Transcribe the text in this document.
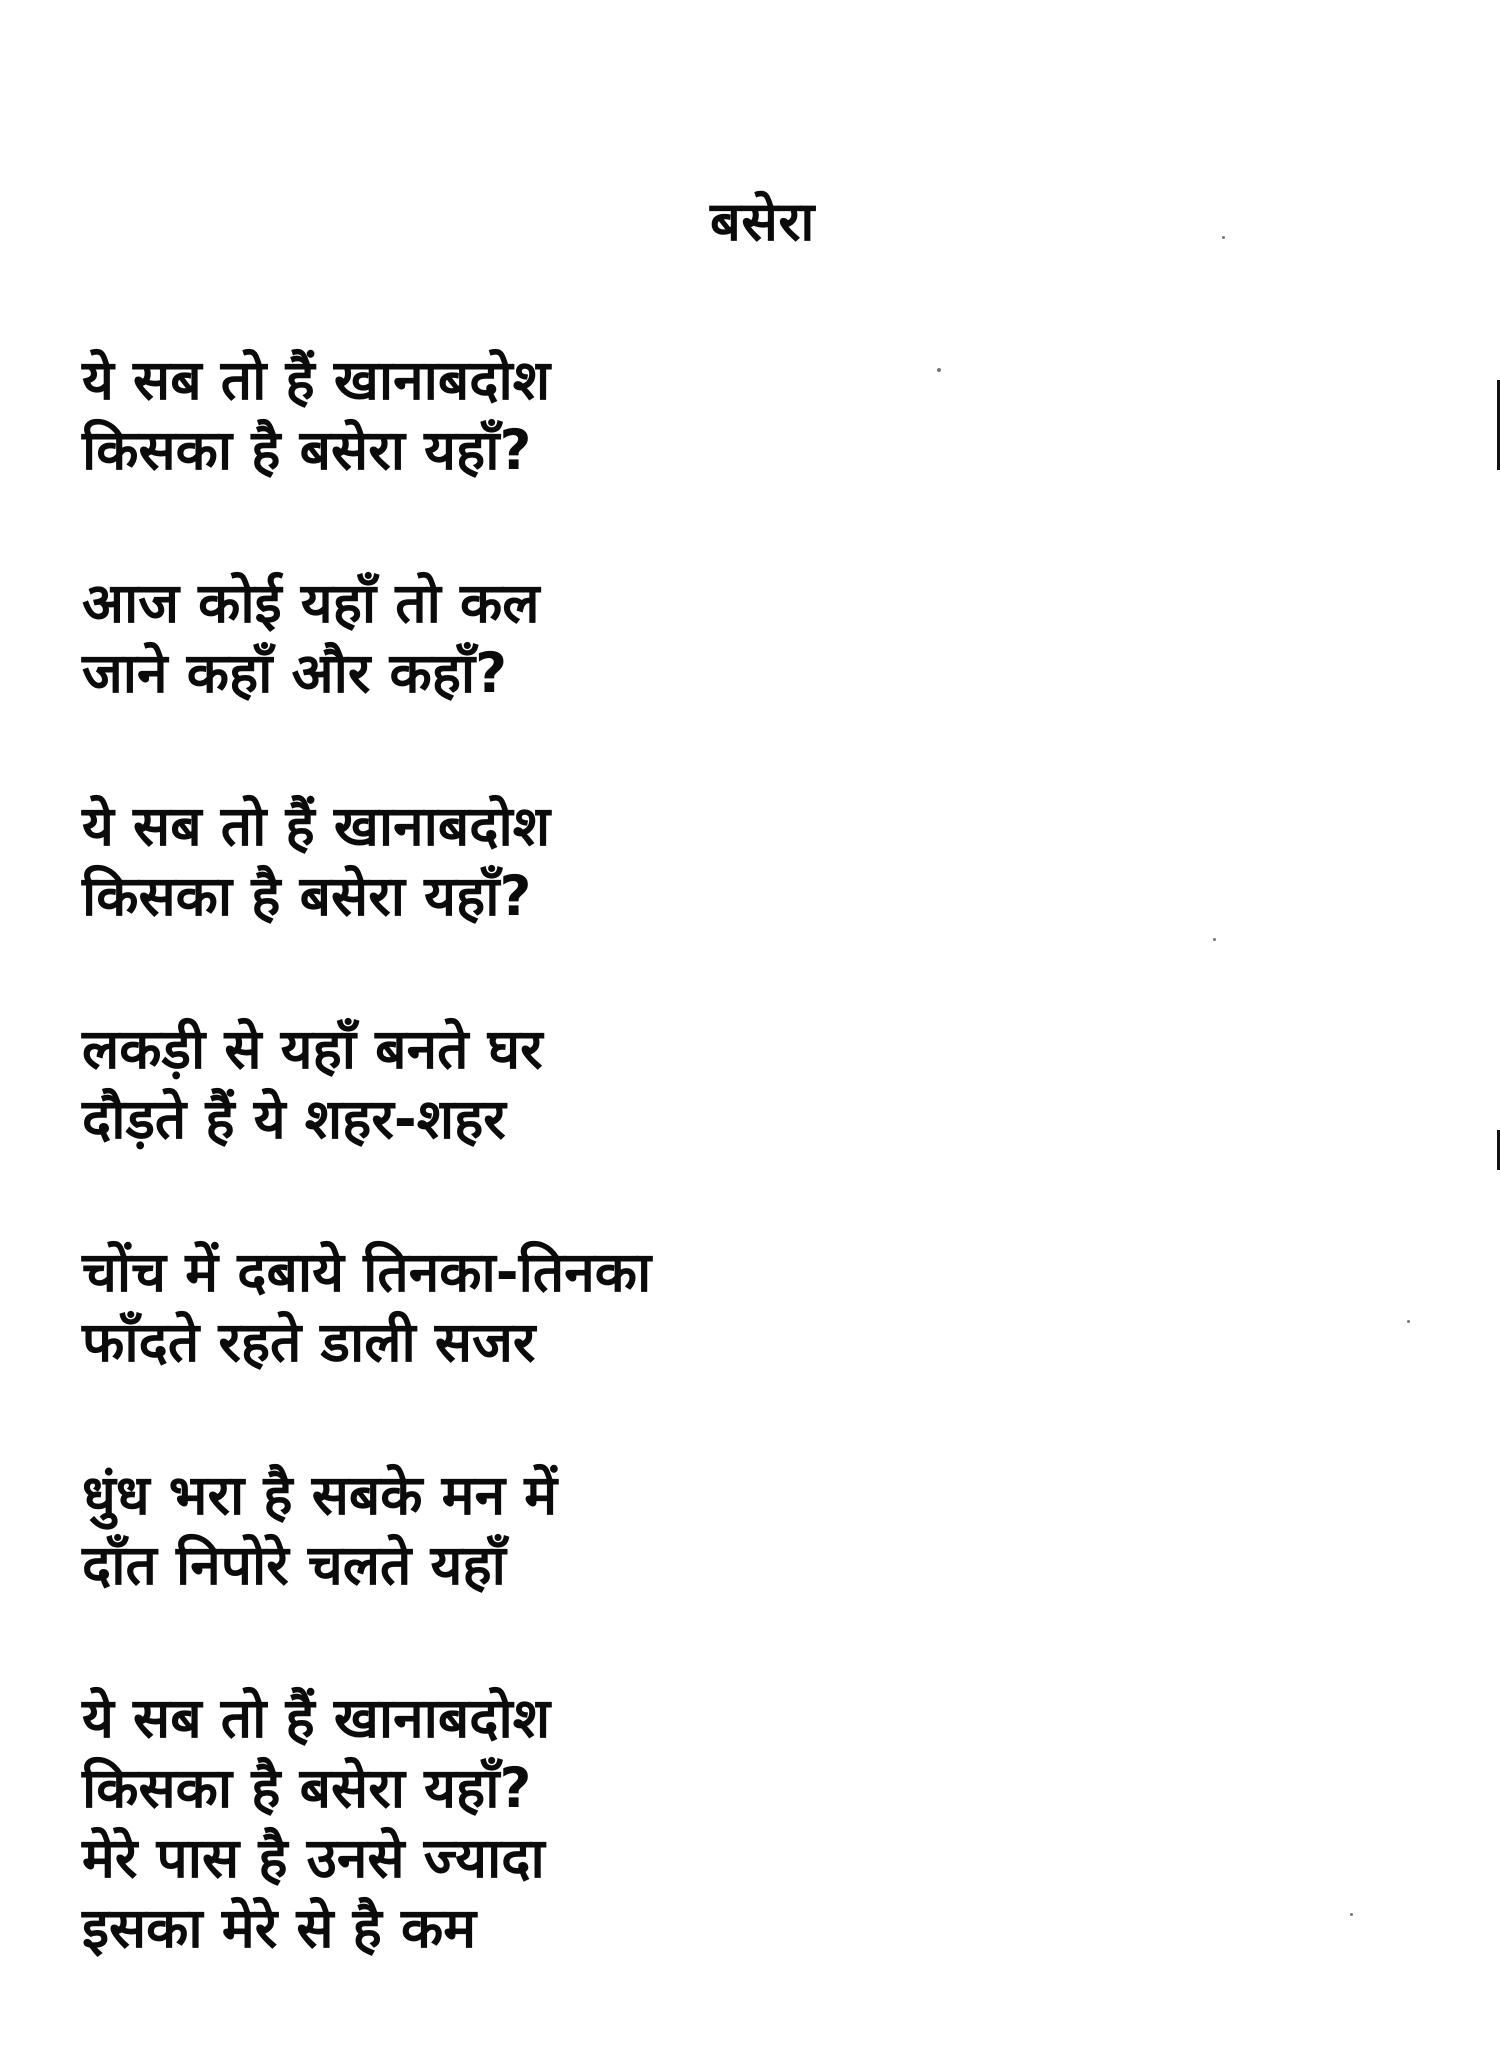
बसेरा
ये सब तो हैं खानाबदोश
किसका है बसेरा यहाँ?
आज कोई यहाँ तो कल
जाने कहाँ और कहाँ?
ये सब तो हैं खानाबदोश
किसका है बसेरा यहाँ?
लकड़ी से यहाँ बनते घर
दौड़ते हैं ये शहर-शहर
चोंच में दबाये तिनका-तिनका
फाँदते रहते डाली सजर
धुंध भरा है सबके मन में
दाँत निपोरे चलते यहाँ
ये सब तो हैं खानाबदोश
किसका है बसेरा यहाँ?
मेरे पास है उनसे ज्यादा
इसका मेरे से है कम
